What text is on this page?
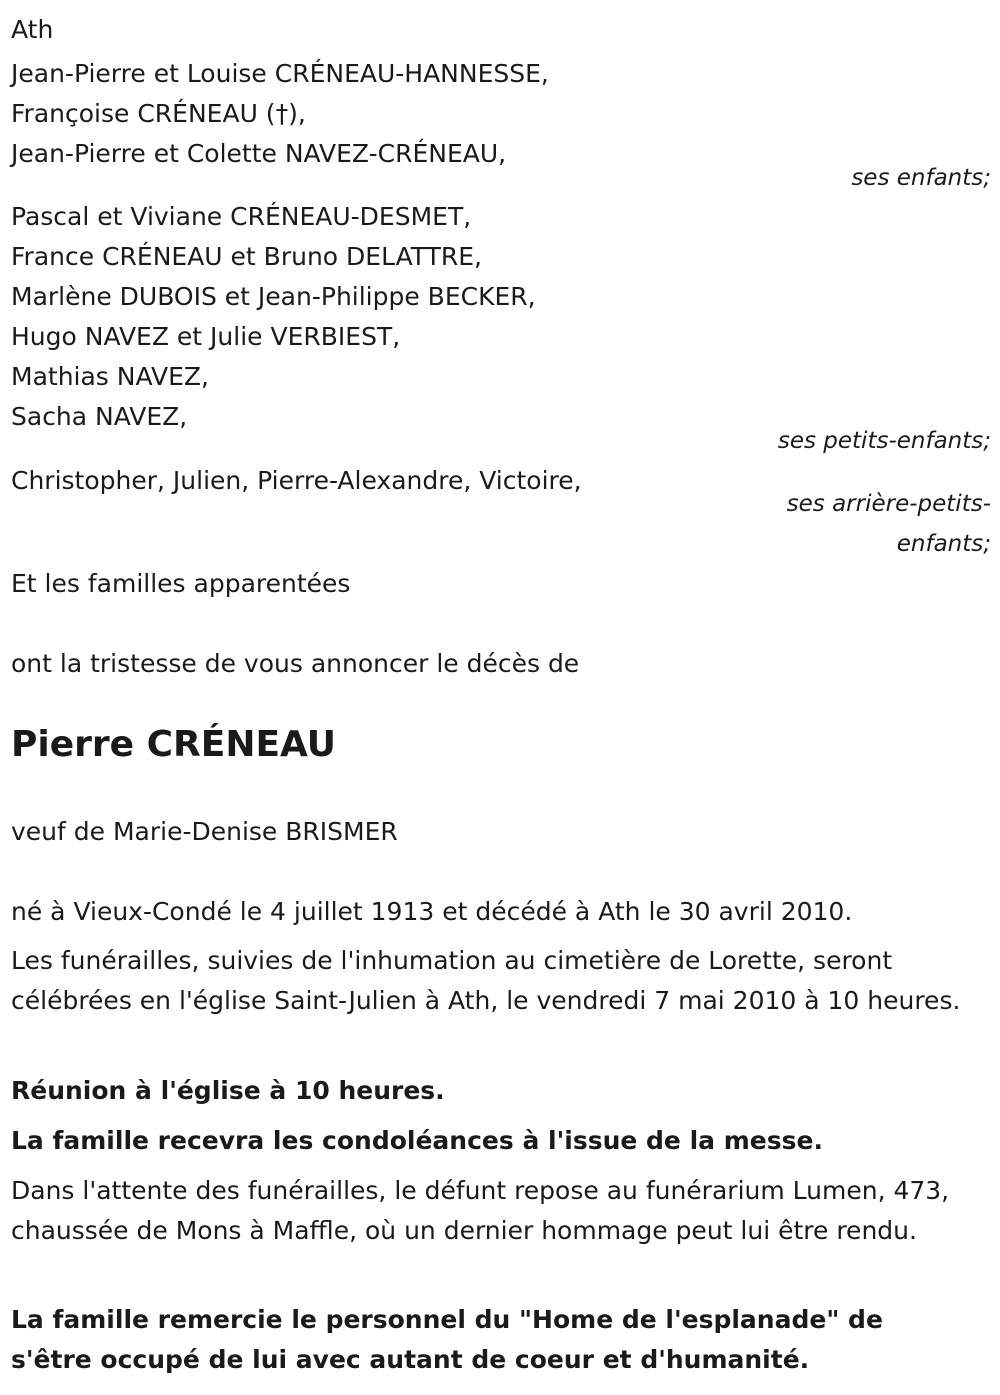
Ath
Jean-Pierre et Louise CRÉNEAU-HANNESSE,
Françoise CRÉNEAU (†),
Jean-Pierre et Colette NAVEZ-CRÉNEAU,
ses enfants;
Pascal et Viviane CRÉNEAU-DESMET,
France CRÉNEAU et Bruno DELATTRE,
Marlène DUBOIS et Jean-Philippe BECKER,
Hugo NAVEZ et Julie VERBIEST,
Mathias NAVEZ,
Sacha NAVEZ,
ses petits-enfants;
Christopher, Julien, Pierre-Alexandre, Victoire,
ses arrière-petits-
enfants;
Et les familles apparentées
ont la tristesse de vous annoncer le décès de
Pierre CRÉNEAU
veuf de Marie-Denise BRISMER
né à Vieux-Condé le 4 juillet 1913 et décédé à Ath le 30 avril 2010.
Les funérailles, suivies de l'inhumation au cimetière de Lorette, seront célébrées en l'église Saint-Julien à Ath, le vendredi 7 mai 2010 à 10 heures.
Réunion à l'église à 10 heures.
La famille recevra les condoléances à l'issue de la messe.
Dans l'attente des funérailles, le défunt repose au funérarium Lumen, 473, chaussée de Mons à Maffle, où un dernier hommage peut lui être rendu.
La famille remercie le personnel du "Home de l'esplanade" de s'être occupé de lui avec autant de coeur et d'humanité.
